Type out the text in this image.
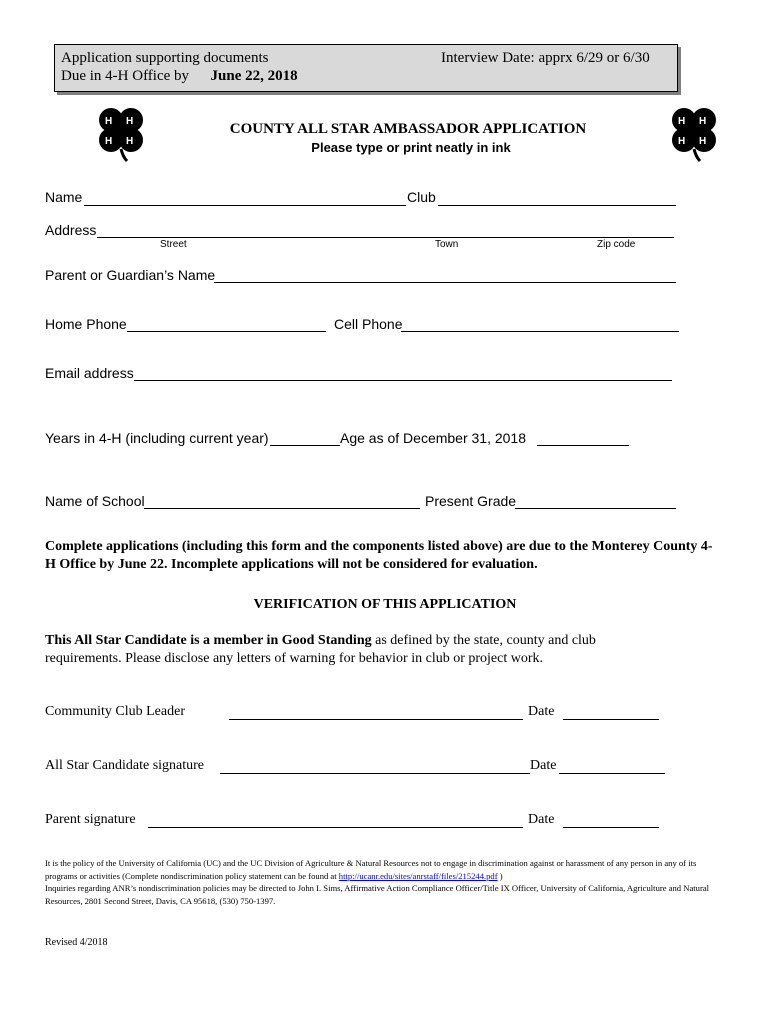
Application supporting documents
Due in 4-H Office by June 22, 2018
Interview Date: apprx 6/29 or 6/30
H H
H H
H H
H H
COUNTY ALL STAR AMBASSADOR APPLICATION
Please type or print neatly in ink
Name	Club
Address
Street	Town	Zip code
Parent or Guardian’s Name
Home Phone	Cell Phone
Email address
Years in 4-H (including current year)	Age as of December 31, 2018
Name of School	Present Grade
Complete applications (including this form and the components listed above) are due to the Monterey County 4-H Office by June 22. Incomplete applications will not be considered for evaluation.
VERIFICATION OF THIS APPLICATION
This All Star Candidate is a member in Good Standing as defined by the state, county and club requirements. Please disclose any letters of warning for behavior in club or project work.
Community Club Leader	Date
All Star Candidate signature	Date
Parent signature	Date
It is the policy of the University of California (UC) and the UC Division of Agriculture & Natural Resources not to engage in discrimination against or harassment of any person in any of its programs or activities (Complete nondiscrimination policy statement can be found at http://ucanr.edu/sites/anrstaff/files/215244.pdf )
Inquiries regarding ANR’s nondiscrimination policies may be directed to John I. Sims, Affirmative Action Compliance Officer/Title IX Officer, University of California, Agriculture and Natural Resources, 2801 Second Street, Davis, CA 95618, (530) 750-1397.
Revised 4/2018
